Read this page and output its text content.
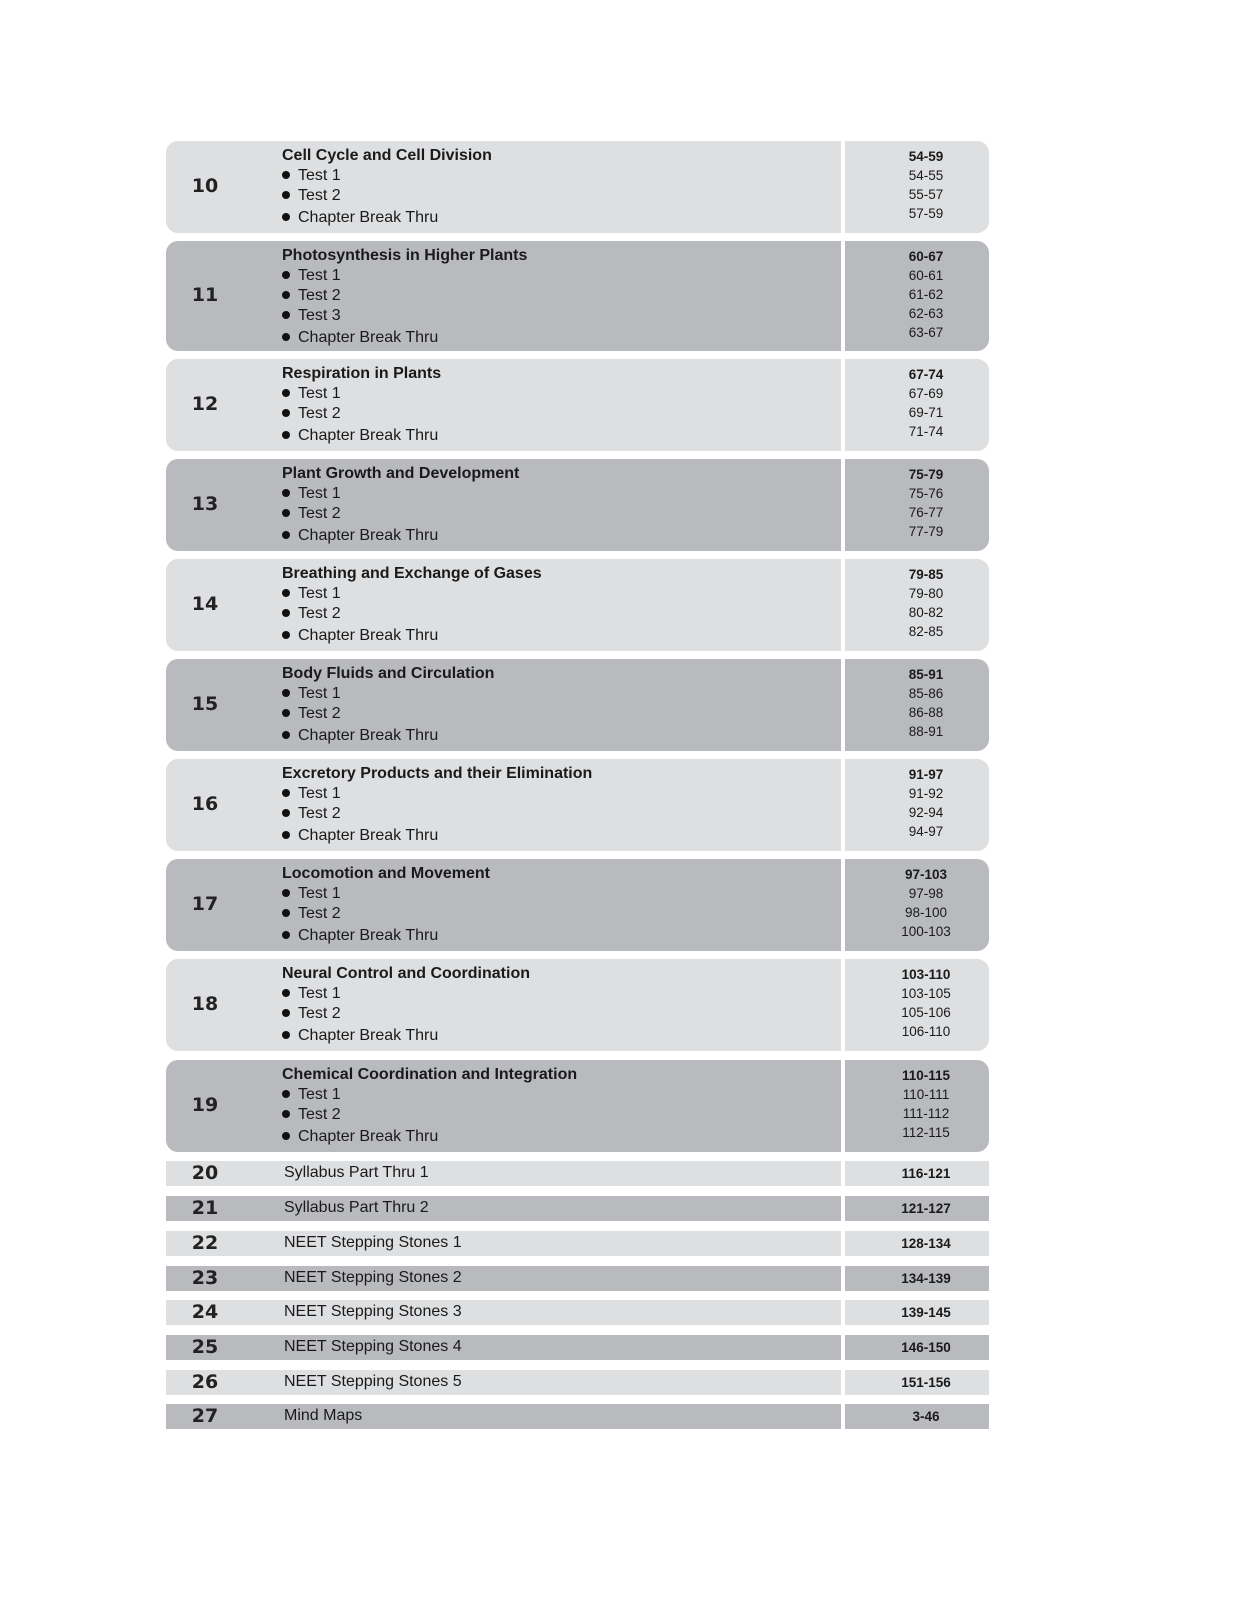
10
Cell Cycle and Cell Division	54-59
Test 1	54-55
Test 2	55-57
Chapter Break Thru	57-59
11
Photosynthesis in Higher Plants	60-67
Test 1	60-61
Test 2	61-62
Test 3	62-63
Chapter Break Thru	63-67
12
Respiration in Plants	67-74
Test 1	67-69
Test 2	69-71
Chapter Break Thru	71-74
13
Plant Growth and Development	75-79
Test 1	75-76
Test 2	76-77
Chapter Break Thru	77-79
14
Breathing and Exchange of Gases	79-85
Test 1	79-80
Test 2	80-82
Chapter Break Thru	82-85
15
Body Fluids and Circulation	85-91
Test 1	85-86
Test 2	86-88
Chapter Break Thru	88-91
16
Excretory Products and their Elimination	91-97
Test 1	91-92
Test 2	92-94
Chapter Break Thru	94-97
17
Locomotion and Movement	97-103
Test 1	97-98
Test 2	98-100
Chapter Break Thru	100-103
18
Neural Control and Coordination	103-110
Test 1	103-105
Test 2	105-106
Chapter Break Thru	106-110
19
Chemical Coordination and Integration	110-115
Test 1	110-111
Test 2	111-112
Chapter Break Thru	112-115
20	Syllabus Part Thru 1	116-121
21	Syllabus Part Thru 2	121-127
22	NEET Stepping Stones 1	128-134
23	NEET Stepping Stones 2	134-139
24	NEET Stepping Stones 3	139-145
25	NEET Stepping Stones 4	146-150
26	NEET Stepping Stones 5	151-156
27	Mind Maps	3-46
